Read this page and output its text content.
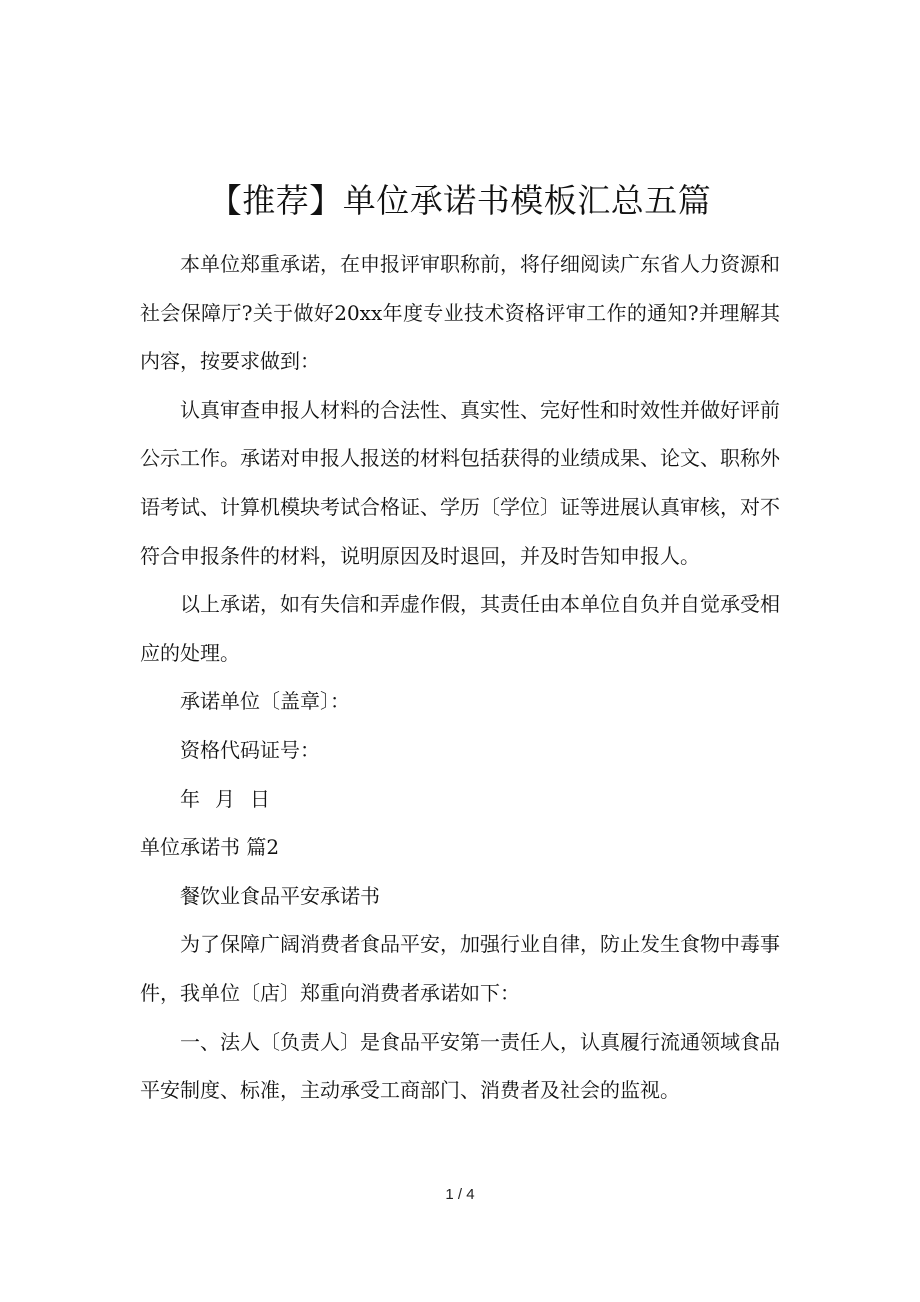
【推荐】单位承诺书模板汇总五篇

本单位郑重承诺，在申报评审职称前，将仔细阅读广东省人力资源和社会保障厅?关于做好20xx年度专业技术资格评审工作的通知?并理解其内容，按要求做到：

认真审查申报人材料的合法性、真实性、完好性和时效性并做好评前公示工作。承诺对申报人报送的材料包括获得的业绩成果、论文、职称外语考试、计算机模块考试合格证、学历〔学位〕证等进展认真审核，对不符合申报条件的材料，说明原因及时退回，并及时告知申报人。

以上承诺，如有失信和弄虚作假，其责任由本单位自负并自觉承受相应的处理。

承诺单位〔盖章〕：

资格代码证号：

年 月 日

单位承诺书 篇2

餐饮业食品平安承诺书

为了保障广阔消费者食品平安，加强行业自律，防止发生食物中毒事件，我单位〔店〕郑重向消费者承诺如下：

一、法人〔负责人〕是食品平安第一责任人，认真履行流通领域食品平安制度、标准，主动承受工商部门、消费者及社会的监视。

1 / 4
